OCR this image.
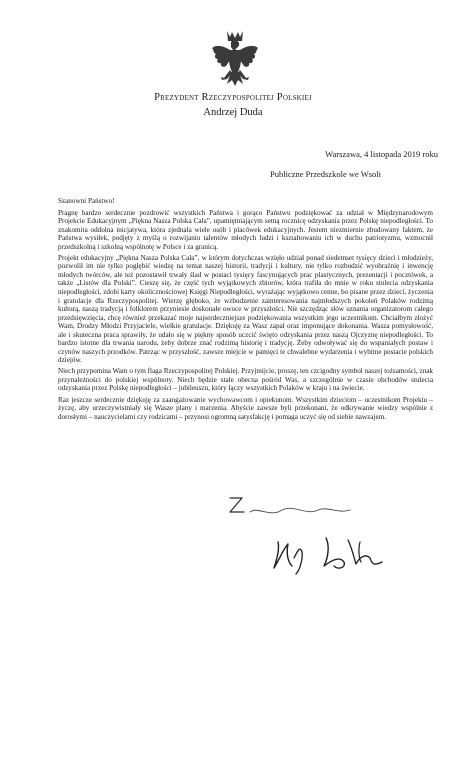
Prezydent Rzeczypospolitej Polskiej
Andrzej Duda
Warszawa, 4 listopada 2019 roku
Publiczne Przedszkole we Wsoli

Szanowni Państwo!

Pragnę bardzo serdecznie pozdrowić wszystkich Państwa i gorąco Państwu podziękować za udział w Międzynarodowym Projekcie Edukacyjnym „Piękna Nasza Polska Cała”, upamiętniającym setną rocznicę odzyskania przez Polskę niepodległości. To znakomita oddolna inicjatywa, która zjednała wiele osób i placówek edukacyjnych. Jestem niezmiernie zbudowany faktem, że Państwa wysiłek, podjęty z myślą o rozwijaniu talentów młodych ludzi i kształtowaniu ich w duchu patriotyzmu, wzmocnił przedszkolną i szkolną wspólnotę w Polsce i za granicą.

Projekt edukacyjny „Piękna Nasza Polska Cała”, w którym dotychczas wzięło udział ponad siedemset tysięcy dzieci i młodzieży, pozwolił im nie tylko pogłębić wiedzę na temat naszej historii, tradycji i kultury, nie tylko rozbudzić wyobraźnię i inwencję młodych twórców, ale też pozostawił trwały ślad w postaci tysięcy fascynujących prac plastycznych, prezentacji i pocztówek, a także „Listów dla Polski”. Cieszę się, że część tych wyjątkowych zbiorów, która trafiła do mnie w roku stulecia odzyskania niepodległości, zdobi karty okolicznościowej Księgi Niepodległości, wyrażając wyjątkowo cenne, bo pisane przez dzieci, życzenia i gratulacje dla Rzeczypospolitej. Wierzę głęboko, że wzbudzenie zainteresowania najmłodszych pokoleń Polaków rodzimą kulturą, naszą tradycją i folklorem przyniesie doskonałe owoce w przyszłości. Nie szczędząc słów uznania organizatorom całego przedsięwzięcia, chcę również przekazać moje najserdeczniejsze podziękowania wszystkim jego uczestnikom. Chciałbym złożyć Wam, Drodzy Młodzi Przyjaciele, wielkie gratulacje. Dziękuję za Wasz zapał oraz imponujące dokonania. Wasza pomysłowość, ale i skuteczna praca sprawiły, że udało się w piękny sposób uczcić święto odzyskania przez naszą Ojczyznę niepodległości. To bardzo istotne dla trwania narodu, żeby dobrze znać rodzimą historię i tradycję. Żeby odwoływać się do wspaniałych postaw i czynów naszych przodków. Patrząc w przyszłość, zawsze miejcie w pamięci te chwalebne wydarzenia i wybitne postacie polskich dziejów.

Niech przypomina Wam o tym flaga Rzeczypospolitej Polskiej. Przyjmijcie, proszę, ten czcigodny symbol naszej tożsamości, znak przynależności do polskiej wspólnoty. Niech będzie stale obecna pośród Was, a szczególnie w czasie obchodów stulecia odzyskania przez Polskę niepodległości – jubileuszu, który łączy wszystkich Polaków w kraju i na świecie.

Raz jeszcze serdecznie dziękuję za zaangażowanie wychowawcom i opiekunom. Wszystkim dzieciom – uczestnikom Projektu – życzę, aby urzeczywistniały się Wasze plany i marzenia. Abyście zawsze byli przekonani, że odkrywanie wiedzy wspólnie z dorosłymi – nauczycielami czy rodzicami – przynosi ogromną satysfakcję i pomaga uczyć się od siebie nawzajem.
